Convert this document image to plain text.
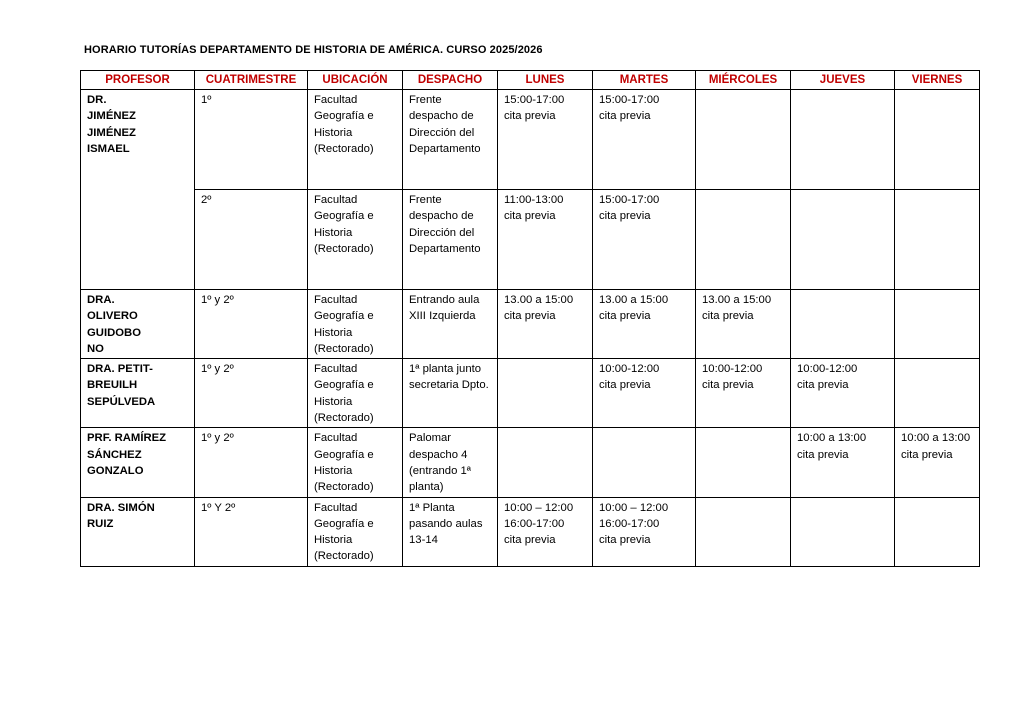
HORARIO TUTORÍAS DEPARTAMENTO DE HISTORIA DE AMÉRICA. CURSO 2025/2026
PROFESOR	CUATRIMESTRE	UBICACIÓN	DESPACHO	LUNES	MARTES	MIÉRCOLES	JUEVES	VIERNES
DR.
JIMÉNEZ
JIMÉNEZ
ISMAEL	1º	Facultad
Geografía e
Historia
(Rectorado)	Frente
despacho de
Dirección del
Departamento	15:00-17:00
cita previa	15:00-17:00
cita previa			
	2º	Facultad
Geografía e
Historia
(Rectorado)	Frente
despacho de
Dirección del
Departamento	11:00-13:00
cita previa	15:00-17:00
cita previa			
DRA.
OLIVERO
GUIDOBO
NO	1º y 2º	Facultad
Geografía e
Historia
(Rectorado)	Entrando aula
XIII Izquierda	13.00 a 15:00
cita previa	13.00 a 15:00
cita previa	13.00 a 15:00
cita previa		
DRA. PETIT-
BREUILH
SEPÚLVEDA	1º y 2º	Facultad
Geografía e
Historia
(Rectorado)	1ª planta junto
secretaria Dpto.		10:00-12:00
cita previa	10:00-12:00
cita previa	10:00-12:00
cita previa	
PRF. RAMÍREZ
SÁNCHEZ
GONZALO	1º y 2º	Facultad
Geografía e
Historia
(Rectorado)	Palomar
despacho 4
(entrando 1ª
planta)				10:00 a 13:00
cita previa	10:00 a 13:00
cita previa
DRA. SIMÓN
RUIZ	1º Y 2º	Facultad
Geografía e
Historia
(Rectorado)	1ª Planta
pasando aulas
13-14	10:00 – 12:00
16:00-17:00
cita previa	10:00 – 12:00
16:00-17:00
cita previa			
